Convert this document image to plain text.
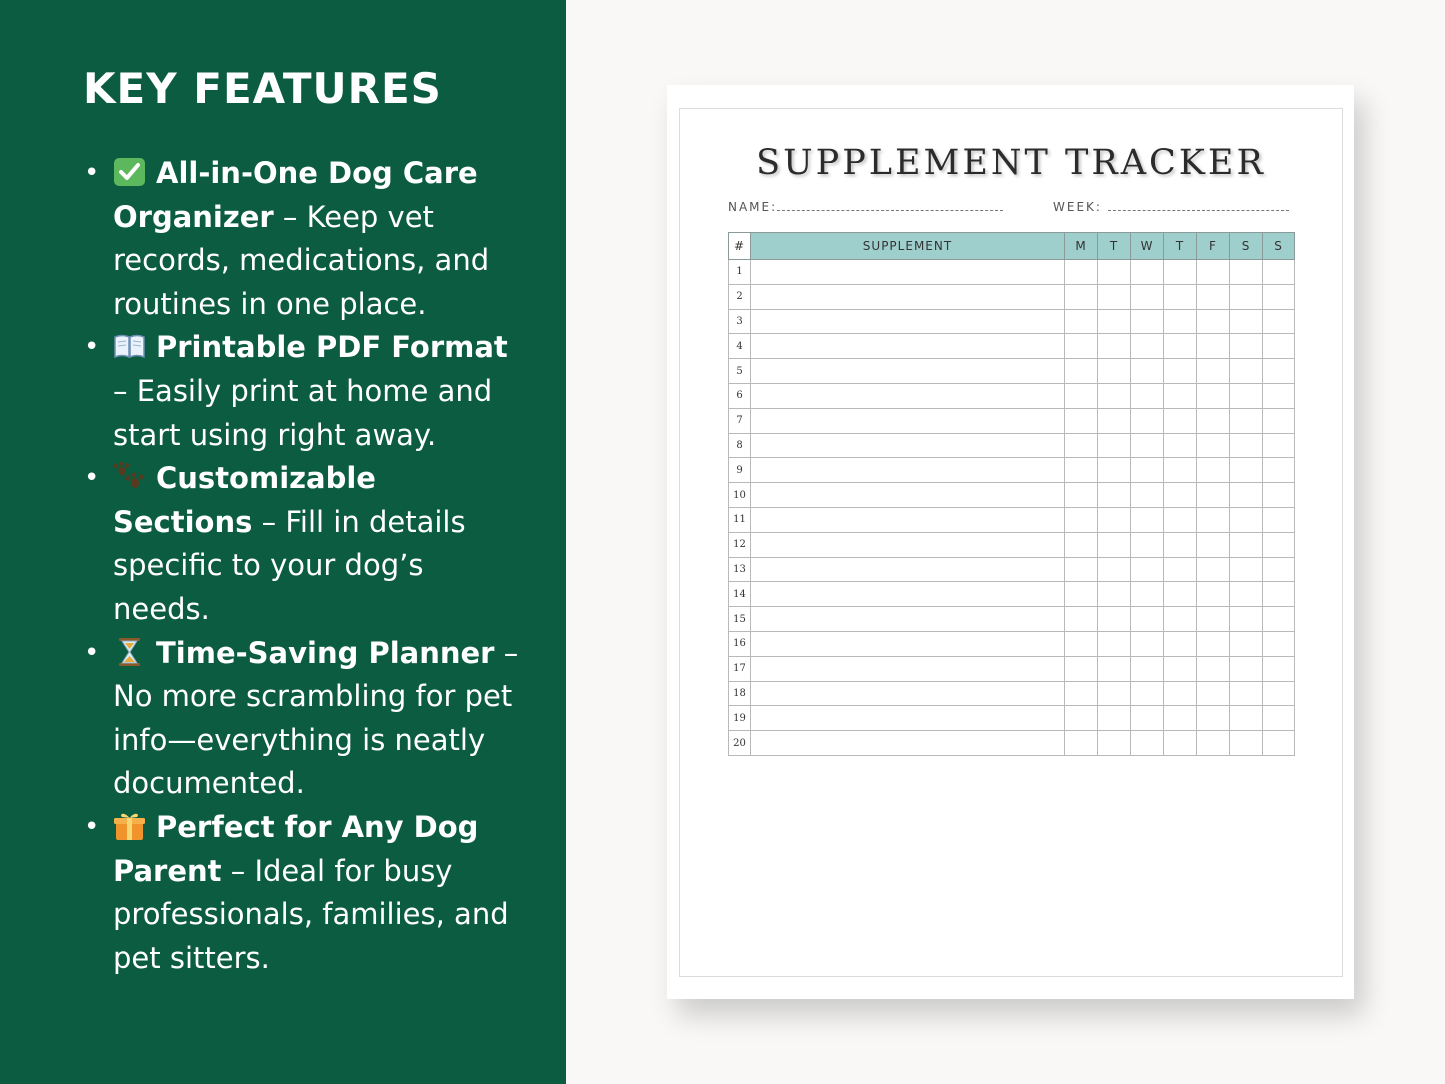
KEY FEATURES
• All-in-One Dog Care Organizer – Keep vet records, medications, and routines in one place.
• Printable PDF Format – Easily print at home and start using right away.
• Customizable Sections – Fill in details specific to your dog’s needs.
• Time-Saving Planner – No more scrambling for pet info—everything is neatly documented.
• Perfect for Any Dog Parent – Ideal for busy professionals, families, and pet sitters.
SUPPLEMENT TRACKER
NAME:	WEEK:
#	SUPPLEMENT	M	T	W	T	F	S	S
1								
2								
3								
4								
5								
6								
7								
8								
9								
10								
11								
12								
13								
14								
15								
16								
17								
18								
19								
20								
